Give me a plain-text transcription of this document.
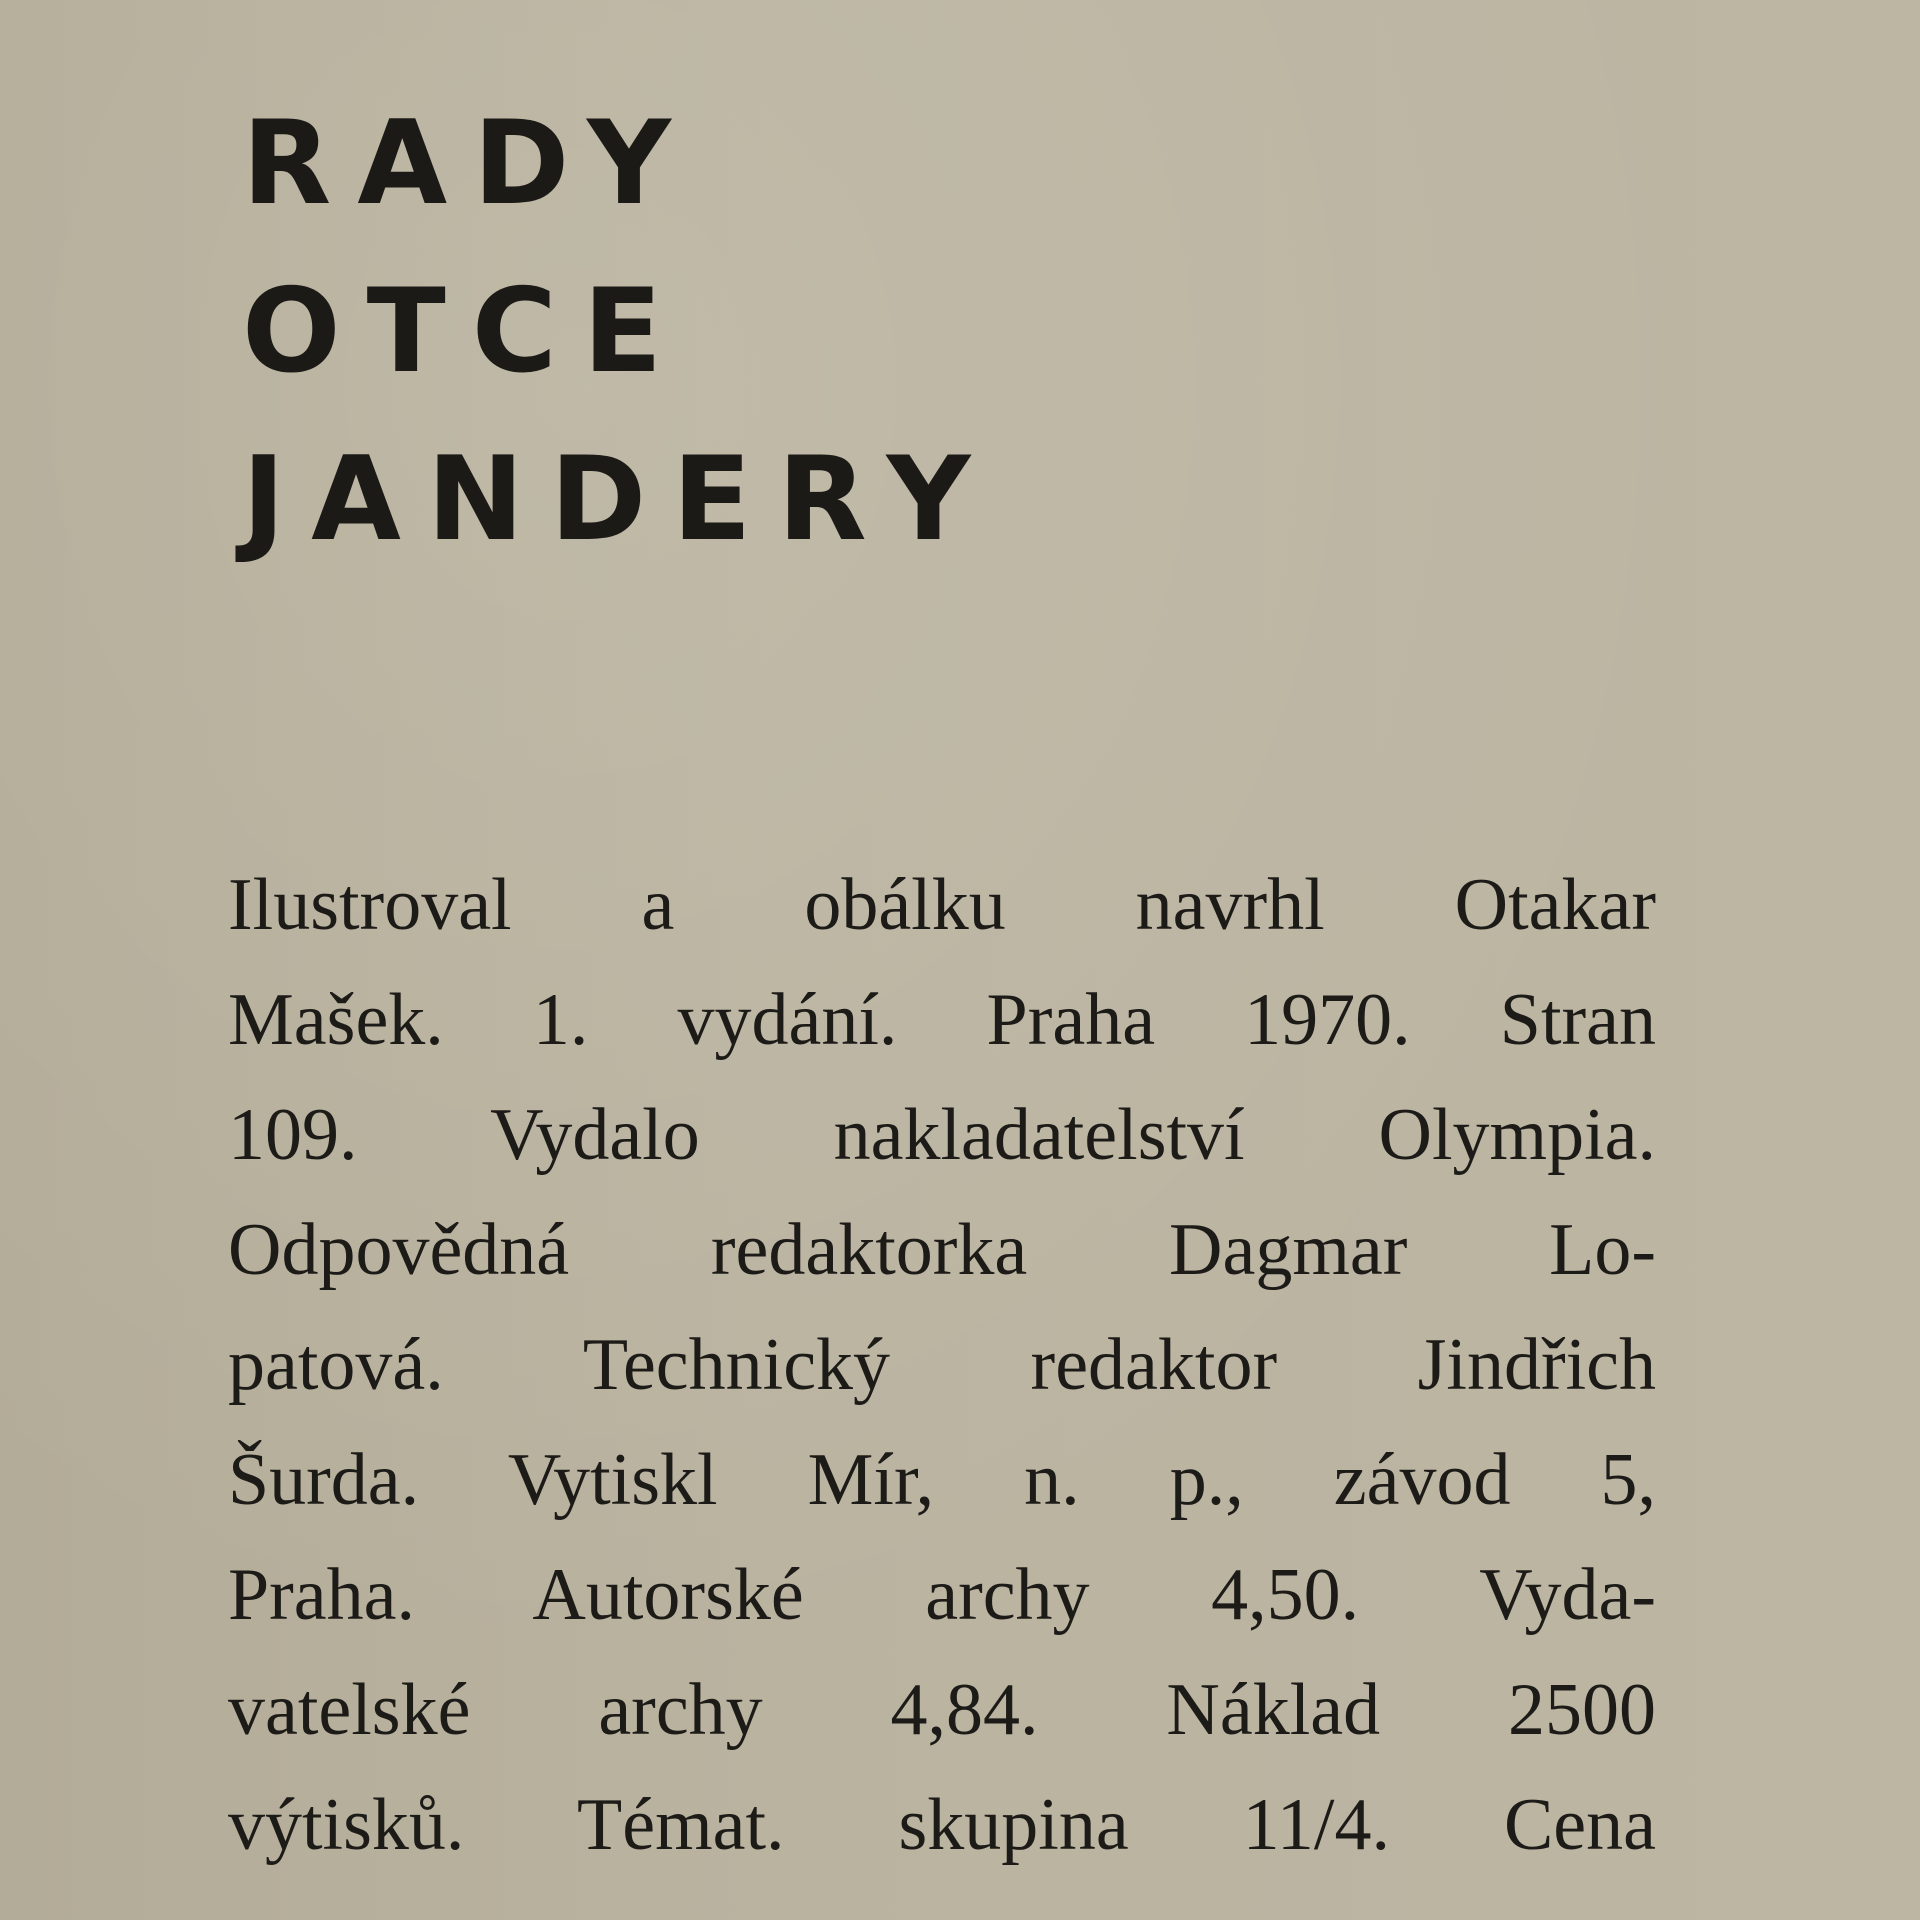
RADY
OTCE
JANDERY

Ilustroval a obálku navrhl Otakar
Mašek. 1. vydání. Praha 1970. Stran
109. Vydalo nakladatelství Olympia.
Odpovědná redaktorka Dagmar Lo-
patová. Technický redaktor Jindřich
Šurda. Vytiskl Mír, n. p., závod 5,
Praha. Autorské archy 4,50. Vyda-
vatelské archy 4,84. Náklad 2500
výtisků. Témat. skupina 11/4. Cena
